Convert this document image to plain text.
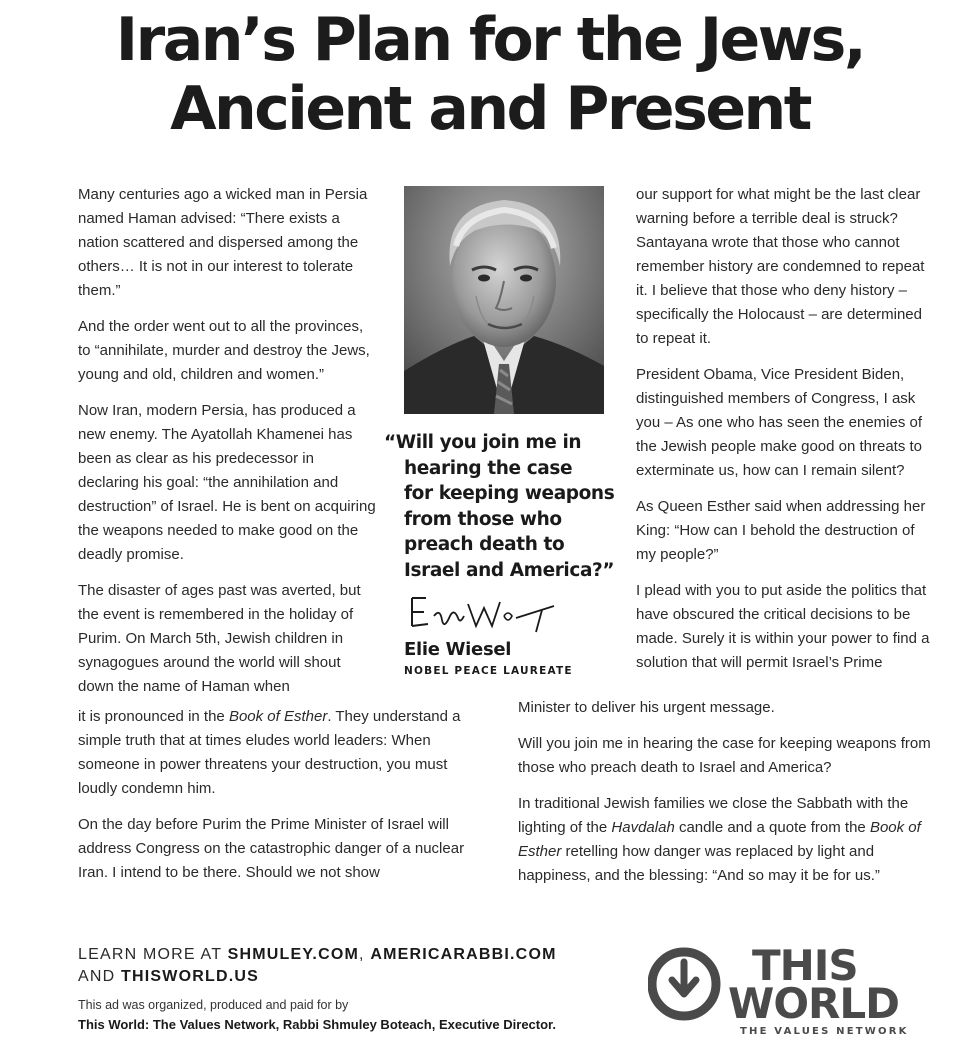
Iran’s Plan for the Jews,
Ancient and Present

Many centuries ago a wicked man in Persia named Haman advised: “There exists a nation scattered and dispersed among the others… It is not in our interest to tolerate them.”

And the order went out to all the provinces, to “annihilate, murder and destroy the Jews, young and old, children and women.”

Now Iran, modern Persia, has produced a new enemy. The Ayatollah Khamenei has been as clear as his predecessor in declaring his goal: “the annihilation and destruction” of Israel. He is bent on acquiring the weapons needed to make good on the deadly promise.

The disaster of ages past was averted, but the event is remembered in the holiday of Purim. On March 5th, Jewish children in synagogues around the world will shout down the name of Haman when

it is pronounced in the Book of Esther. They understand a simple truth that at times eludes world leaders: When someone in power threatens your destruction, you must loudly condemn him.

On the day before Purim the Prime Minister of Israel will address Congress on the catastrophic danger of a nuclear Iran. I intend to be there. Should we not show

“Will you join me in
hearing the case
for keeping weapons
from those who
preach death to
Israel and America?”
Elie Wiesel
NOBEL PEACE LAUREATE

our support for what might be the last clear warning before a terrible deal is struck? Santayana wrote that those who cannot remember history are condemned to repeat it. I believe that those who deny history – specifically the Holocaust – are determined to repeat it.

President Obama, Vice President Biden, distinguished members of Congress, I ask you – As one who has seen the enemies of the Jewish people make good on threats to exterminate us, how can I remain silent?

As Queen Esther said when addressing her King: “How can I behold the destruction of my people?”

I plead with you to put aside the politics that have obscured the critical decisions to be made. Surely it is within your power to find a solution that will permit Israel’s Prime

Minister to deliver his urgent message.

Will you join me in hearing the case for keeping weapons from those who preach death to Israel and America?

In traditional Jewish families we close the Sabbath with the lighting of the Havdalah candle and a quote from the Book of Esther retelling how danger was replaced by light and happiness, and the blessing: “And so may it be for us.”

LEARN MORE AT SHMULEY.COM, AMERICARABBI.COM
AND THISWORLD.US
This ad was organized, produced and paid for by
This World: The Values Network, Rabbi Shmuley Boteach, Executive Director.
THIS
WORLD
THE VALUES NETWORK
